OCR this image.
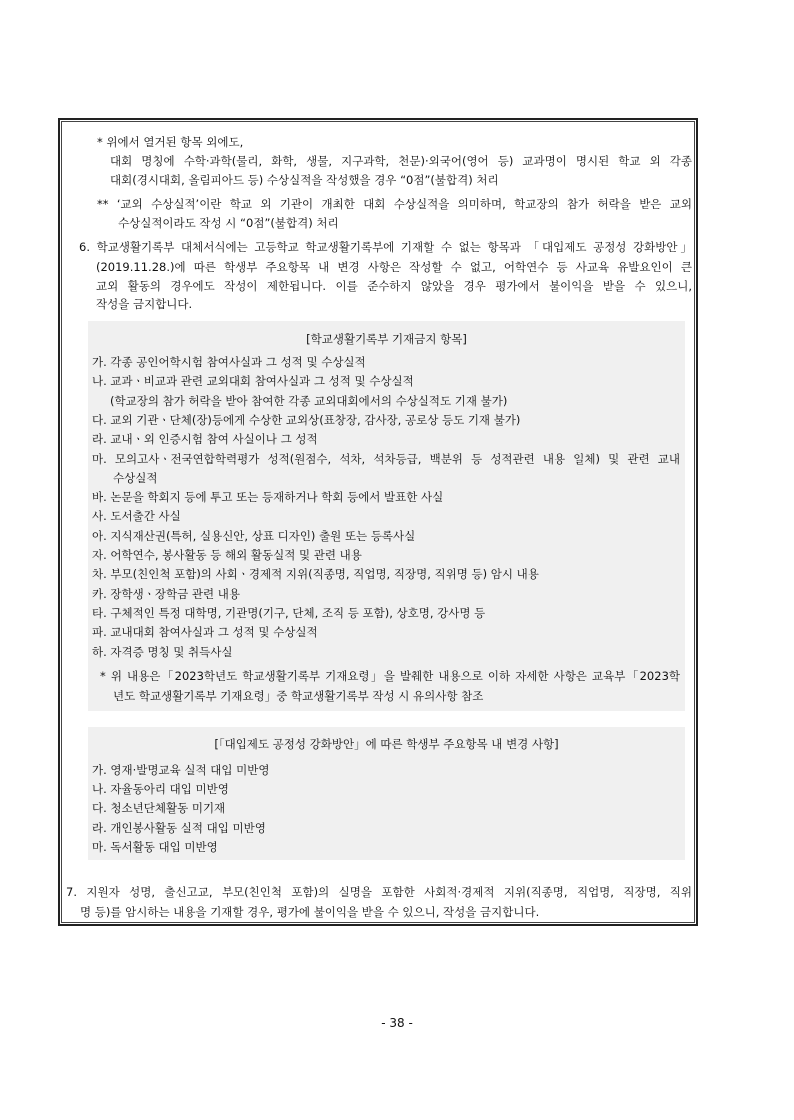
* 위에서 열거된 항목 외에도,
대회 명칭에 수학·과학(물리, 화학, 생물, 지구과학, 천문)·외국어(영어 등) 교과명이 명시된 학교 외 각종
대회(경시대회, 올림피아드 등) 수상실적을 작성했을 경우 “0점”(불합격) 처리
** ‘교외 수상실적’이란 학교 외 기관이 개최한 대회 수상실적을 의미하며, 학교장의 참가 허락을 받은 교외
수상실적이라도 작성 시 “0점”(불합격) 처리
6. 학교생활기록부 대체서식에는 고등학교 학교생활기록부에 기재할 수 없는 항목과 「대입제도 공정성 강화방안」
(2019.11.28.)에 따른 학생부 주요항목 내 변경 사항은 작성할 수 없고, 어학연수 등 사교육 유발요인이 큰
교외 활동의 경우에도 작성이 제한됩니다. 이를 준수하지 않았을 경우 평가에서 불이익을 받을 수 있으니,
작성을 금지합니다.
[학교생활기록부 기재금지 항목]
가. 각종 공인어학시험 참여사실과 그 성적 및 수상실적
나. 교과ㆍ비교과 관련 교외대회 참여사실과 그 성적 및 수상실적
(학교장의 참가 허락을 받아 참여한 각종 교외대회에서의 수상실적도 기재 불가)
다. 교외 기관ㆍ단체(장)등에게 수상한 교외상(표창장, 감사장, 공로상 등도 기재 불가)
라. 교내ㆍ외 인증시험 참여 사실이나 그 성적
마. 모의고사ㆍ전국연합학력평가 성적(원점수, 석차, 석차등급, 백분위 등 성적관련 내용 일체) 및 관련 교내
수상실적
바. 논문을 학회지 등에 투고 또는 등재하거나 학회 등에서 발표한 사실
사. 도서출간 사실
아. 지식재산권(특허, 실용신안, 상표 디자인) 출원 또는 등록사실
자. 어학연수, 봉사활동 등 해외 활동실적 및 관련 내용
차. 부모(친인척 포함)의 사회ㆍ경제적 지위(직종명, 직업명, 직장명, 직위명 등) 암시 내용
카. 장학생ㆍ장학금 관련 내용
타. 구체적인 특정 대학명, 기관명(기구, 단체, 조직 등 포함), 상호명, 강사명 등
파. 교내대회 참여사실과 그 성적 및 수상실적
하. 자격증 명칭 및 취득사실
* 위 내용은「2023학년도 학교생활기록부 기재요령」을 발췌한 내용으로 이하 자세한 사항은 교육부「2023학
년도 학교생활기록부 기재요령」중 학교생활기록부 작성 시 유의사항 참조
[「대입제도 공정성 강화방안」에 따른 학생부 주요항목 내 변경 사항]
가. 영재·발명교육 실적 대입 미반영
나. 자율동아리 대입 미반영
다. 청소년단체활동 미기재
라. 개인봉사활동 실적 대입 미반영
마. 독서활동 대입 미반영
7. 지원자 성명, 출신고교, 부모(친인척 포함)의 실명을 포함한 사회적·경제적 지위(직종명, 직업명, 직장명, 직위
명 등)를 암시하는 내용을 기재할 경우, 평가에 불이익을 받을 수 있으니, 작성을 금지합니다.
- 38 -
